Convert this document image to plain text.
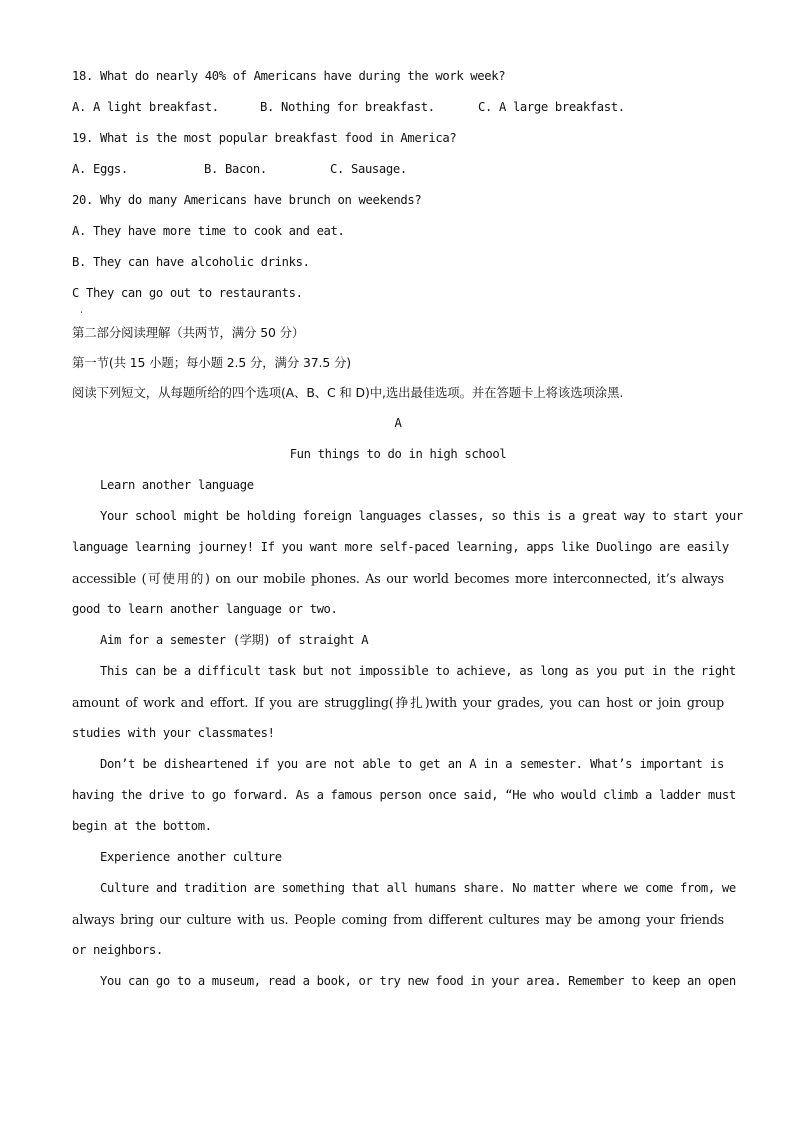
18. What do nearly 40% of Americans have during the work week?
A. A light breakfast.	B. Nothing for breakfast.	C. A large breakfast.
19. What is the most popular breakfast food in America?
A. Eggs.	B. Bacon.	C. Sausage.
20. Why do many Americans have brunch on weekends?
A. They have more time to cook and eat.
B. They can have alcoholic drinks.
C They can go out to restaurants.
⋅
第二部分阅读理解（共两节，满分 50 分）
第一节(共 15 小题；每小题 2.5 分，满分 37.5 分)
阅读下列短文，从每题所给的四个选项(A、B、C 和 D)中,选出最佳选项。并在答题卡上将该选项涂黑.
A
Fun things to do in high school
Learn another language
Your school might be holding foreign languages classes, so this is a great way to start your
language learning journey! If you want more self-paced learning, apps like Duolingo are easily
accessible (可使用的) on our mobile phones. As our world becomes more interconnected, it’s always
good to learn another language or two.
Aim for a semester (学期) of straight A
This can be a difficult task but not impossible to achieve, as long as you put in the right
amount of work and effort. If you are struggling(挣扎)with your grades, you can host or join group
studies with your classmates!
Don’t be disheartened if you are not able to get an A in a semester. What’s important is
having the drive to go forward. As a famous person once said, “He who would climb a ladder must
begin at the bottom.
Experience another culture
Culture and tradition are something that all humans share. No matter where we come from, we
always bring our culture with us. People coming from different cultures may be among your friends
or neighbors.
You can go to a museum, read a book, or try new food in your area. Remember to keep an open
